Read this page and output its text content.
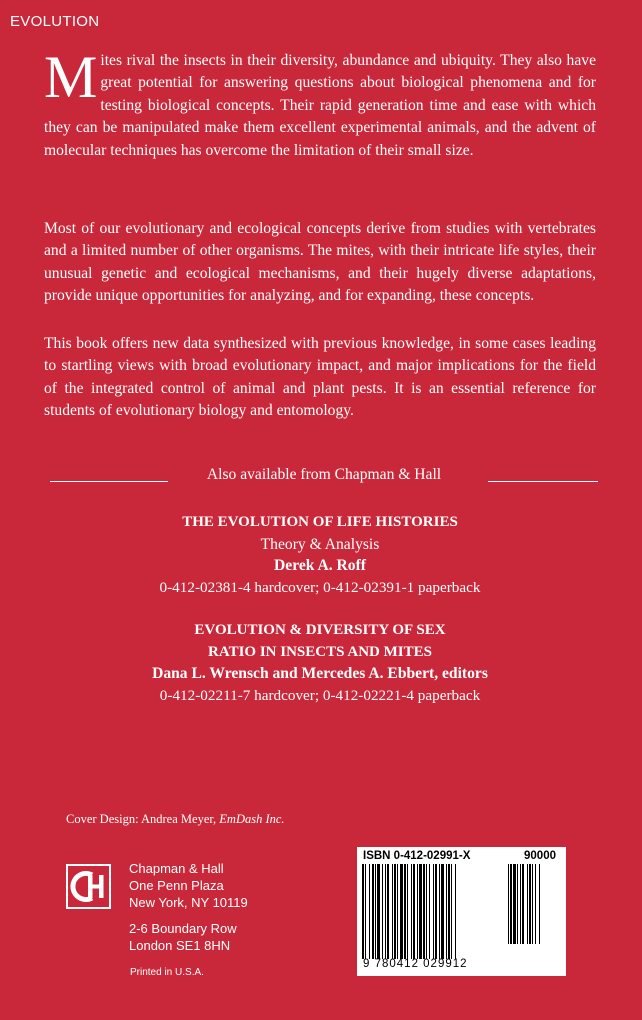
EVOLUTION
Mites rival the insects in their diversity, abundance and ubiquity. They also have great potential for answering questions about biological phenomena and for testing biological concepts. Their rapid generation time and ease with which they can be manipulated make them excellent experimental animals, and the advent of molecular techniques has overcome the limitation of their small size.
Most of our evolutionary and ecological concepts derive from studies with vertebrates and a limited number of other organisms. The mites, with their intricate life styles, their unusual genetic and ecological mechanisms, and their hugely diverse adaptations, provide unique opportunities for analyzing, and for expanding, these concepts.
This book offers new data synthesized with previous knowledge, in some cases leading to startling views with broad evolutionary impact, and major implications for the field of the integrated control of animal and plant pests. It is an essential reference for students of evolutionary biology and entomology.
Also available from Chapman & Hall
THE EVOLUTION OF LIFE HISTORIES
Theory & Analysis
Derek A. Roff
0-412-02381-4 hardcover; 0-412-02391-1 paperback
EVOLUTION & DIVERSITY OF SEX
RATIO IN INSECTS AND MITES
Dana L. Wrensch and Mercedes A. Ebbert, editors
0-412-02211-7 hardcover; 0-412-02221-4 paperback
Cover Design: Andrea Meyer, EmDash Inc.
Chapman & Hall
One Penn Plaza
New York, NY 10119
2-6 Boundary Row
London SE1 8HN
Printed in U.S.A.
ISBN 0-412-02991-X	90000
9 780412 029912
